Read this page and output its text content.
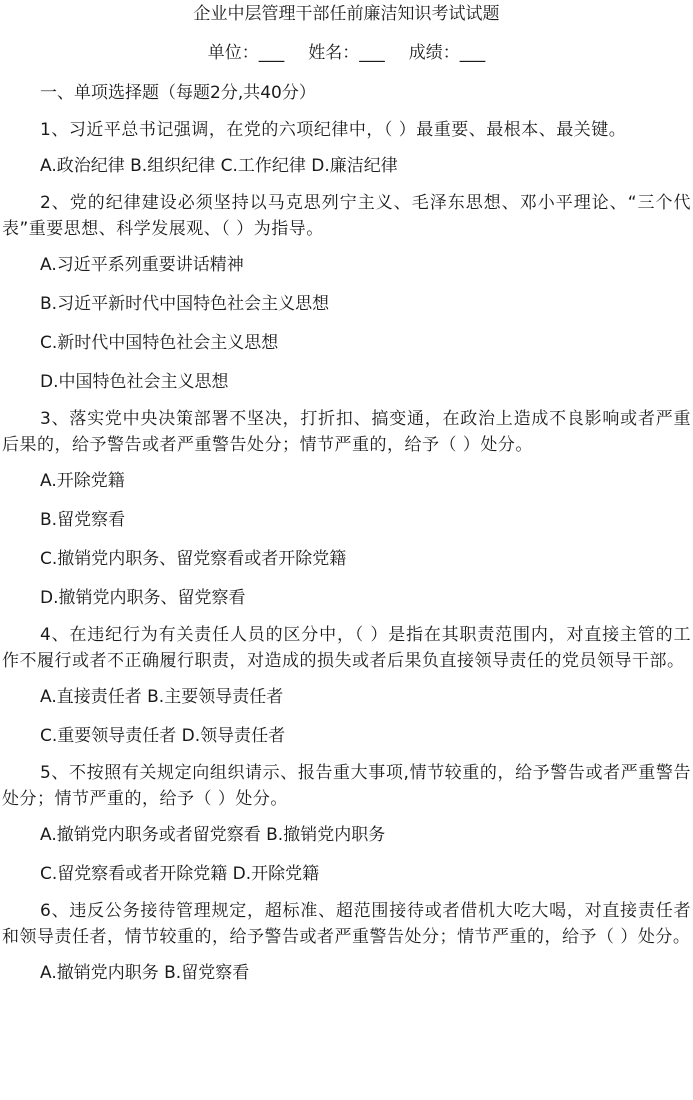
企业中层管理干部任前廉洁知识考试试题
单位：___ 姓名：___ 成绩：___
一、单项选择题（每题2分,共40分）
1、习近平总书记强调，在党的六项纪律中，（ ）最重要、最根本、最关键。
A.政治纪律 B.组织纪律 C.工作纪律 D.廉洁纪律
2、党的纪律建设必须坚持以马克思列宁主义、毛泽东思想、邓小平理论、“三个代表”重要思想、科学发展观、（ ）为指导。
A.习近平系列重要讲话精神
B.习近平新时代中国特色社会主义思想
C.新时代中国特色社会主义思想
D.中国特色社会主义思想
3、落实党中央决策部署不坚决，打折扣、搞变通，在政治上造成不良影响或者严重后果的，给予警告或者严重警告处分；情节严重的，给予（ ）处分。
A.开除党籍
B.留党察看
C.撤销党内职务、留党察看或者开除党籍
D.撤销党内职务、留党察看
4、在违纪行为有关责任人员的区分中，（ ）是指在其职责范围内，对直接主管的工作不履行或者不正确履行职责，对造成的损失或者后果负直接领导责任的党员领导干部。
A.直接责任者 B.主要领导责任者
C.重要领导责任者 D.领导责任者
5、不按照有关规定向组织请示、报告重大事项,情节较重的，给予警告或者严重警告处分；情节严重的，给予（ ）处分。
A.撤销党内职务或者留党察看 B.撤销党内职务
C.留党察看或者开除党籍 D.开除党籍
6、违反公务接待管理规定，超标准、超范围接待或者借机大吃大喝，对直接责任者和领导责任者，情节较重的，给予警告或者严重警告处分；情节严重的，给予（ ）处分。
A.撤销党内职务 B.留党察看
